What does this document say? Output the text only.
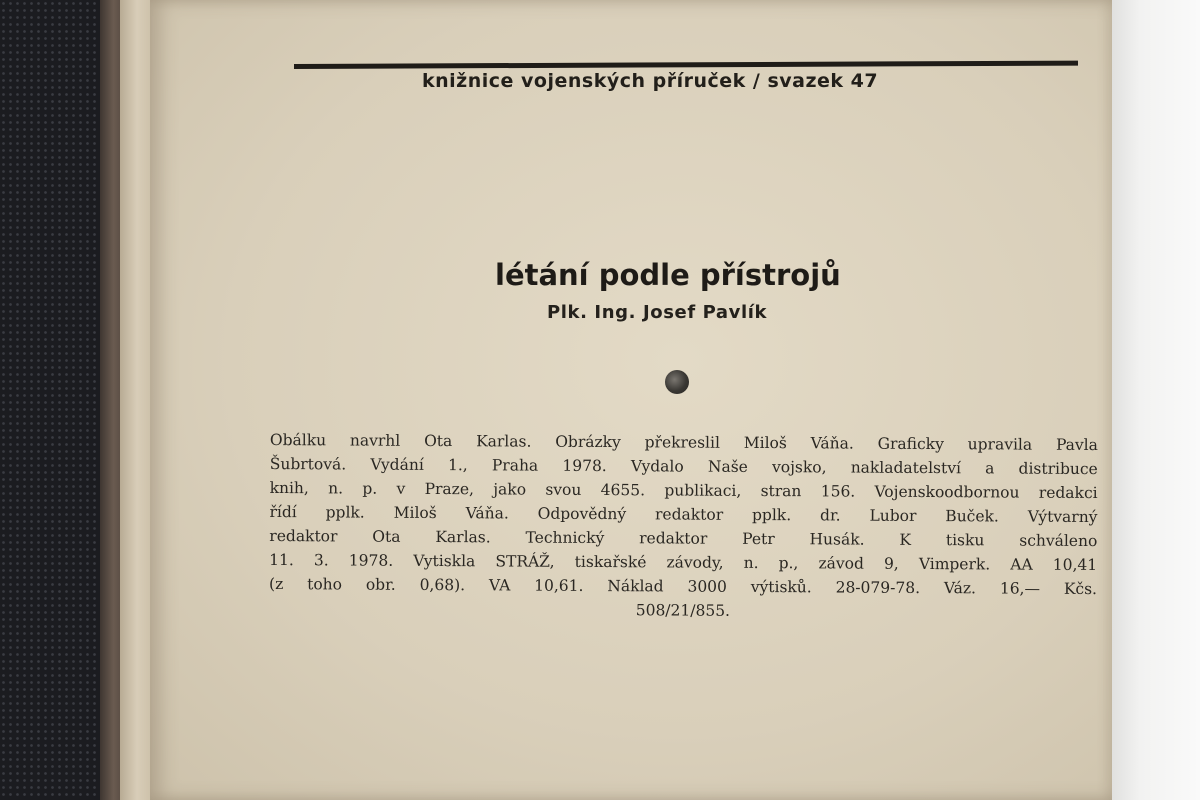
knižnice vojenských příruček / svazek 47
létání podle přístrojů
Plk. Ing. Josef Pavlík
Obálku navrhl Ota Karlas. Obrázky překreslil Miloš Váňa. Graficky upravila Pavla
Šubrtová. Vydání 1., Praha 1978. Vydalo Naše vojsko, nakladatelství a distribuce
knih, n. p. v Praze, jako svou 4655. publikaci, stran 156. Vojenskoodbornou redakci
řídí pplk. Miloš Váňa. Odpovědný redaktor pplk. dr. Lubor Buček. Výtvarný
redaktor Ota Karlas. Technický redaktor Petr Husák. K tisku schváleno
11. 3. 1978. Vytiskla STRÁŽ, tiskařské závody, n. p., závod 9, Vimperk. AA 10,41
(z toho obr. 0,68). VA 10,61. Náklad 3000 výtisků. 28-079-78. Váz. 16,— Kčs.
508/21/855.
